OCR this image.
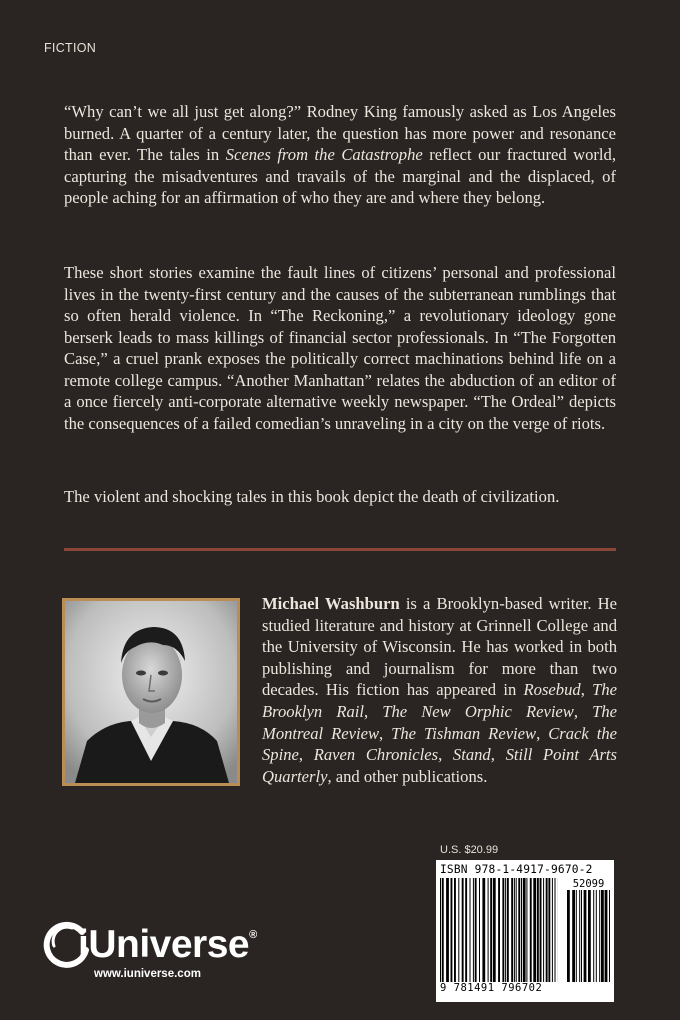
FICTION

“Why can’t we all just get along?” Rodney King famously asked as Los Angeles burned. A quarter of a century later, the question has more power and resonance than ever. The tales in Scenes from the Catastrophe reflect our fractured world, capturing the misadventures and travails of the marginal and the displaced, of people aching for an affirmation of who they are and where they belong.

These short stories examine the fault lines of citizens’ personal and professional lives in the twenty-first century and the causes of the subterranean rumblings that so often herald violence. In “The Reckoning,” a revolutionary ideology gone berserk leads to mass killings of financial sector professionals. In “The Forgotten Case,” a cruel prank exposes the politically correct machinations behind life on a remote college campus. “Another Manhattan” relates the abduction of an editor of a once fiercely anti-corporate alternative weekly newspaper. “The Ordeal” depicts the consequences of a failed comedian’s unraveling in a city on the verge of riots.

The violent and shocking tales in this book depict the death of civilization.

Michael Washburn is a Brooklyn-based writer. He studied literature and history at Grinnell College and the University of Wisconsin. He has worked in both publishing and journalism for more than two decades. His fiction has appeared in Rosebud, The Brooklyn Rail, The New Orphic Review, The Montreal Review, The Tishman Review, Crack the Spine, Raven Chronicles, Stand, Still Point Arts Quarterly, and other publications.

U.S. $20.99
ISBN 978-1-4917-9670-2
52099
9 781491 796702
iUniverse®
www.iuniverse.com
